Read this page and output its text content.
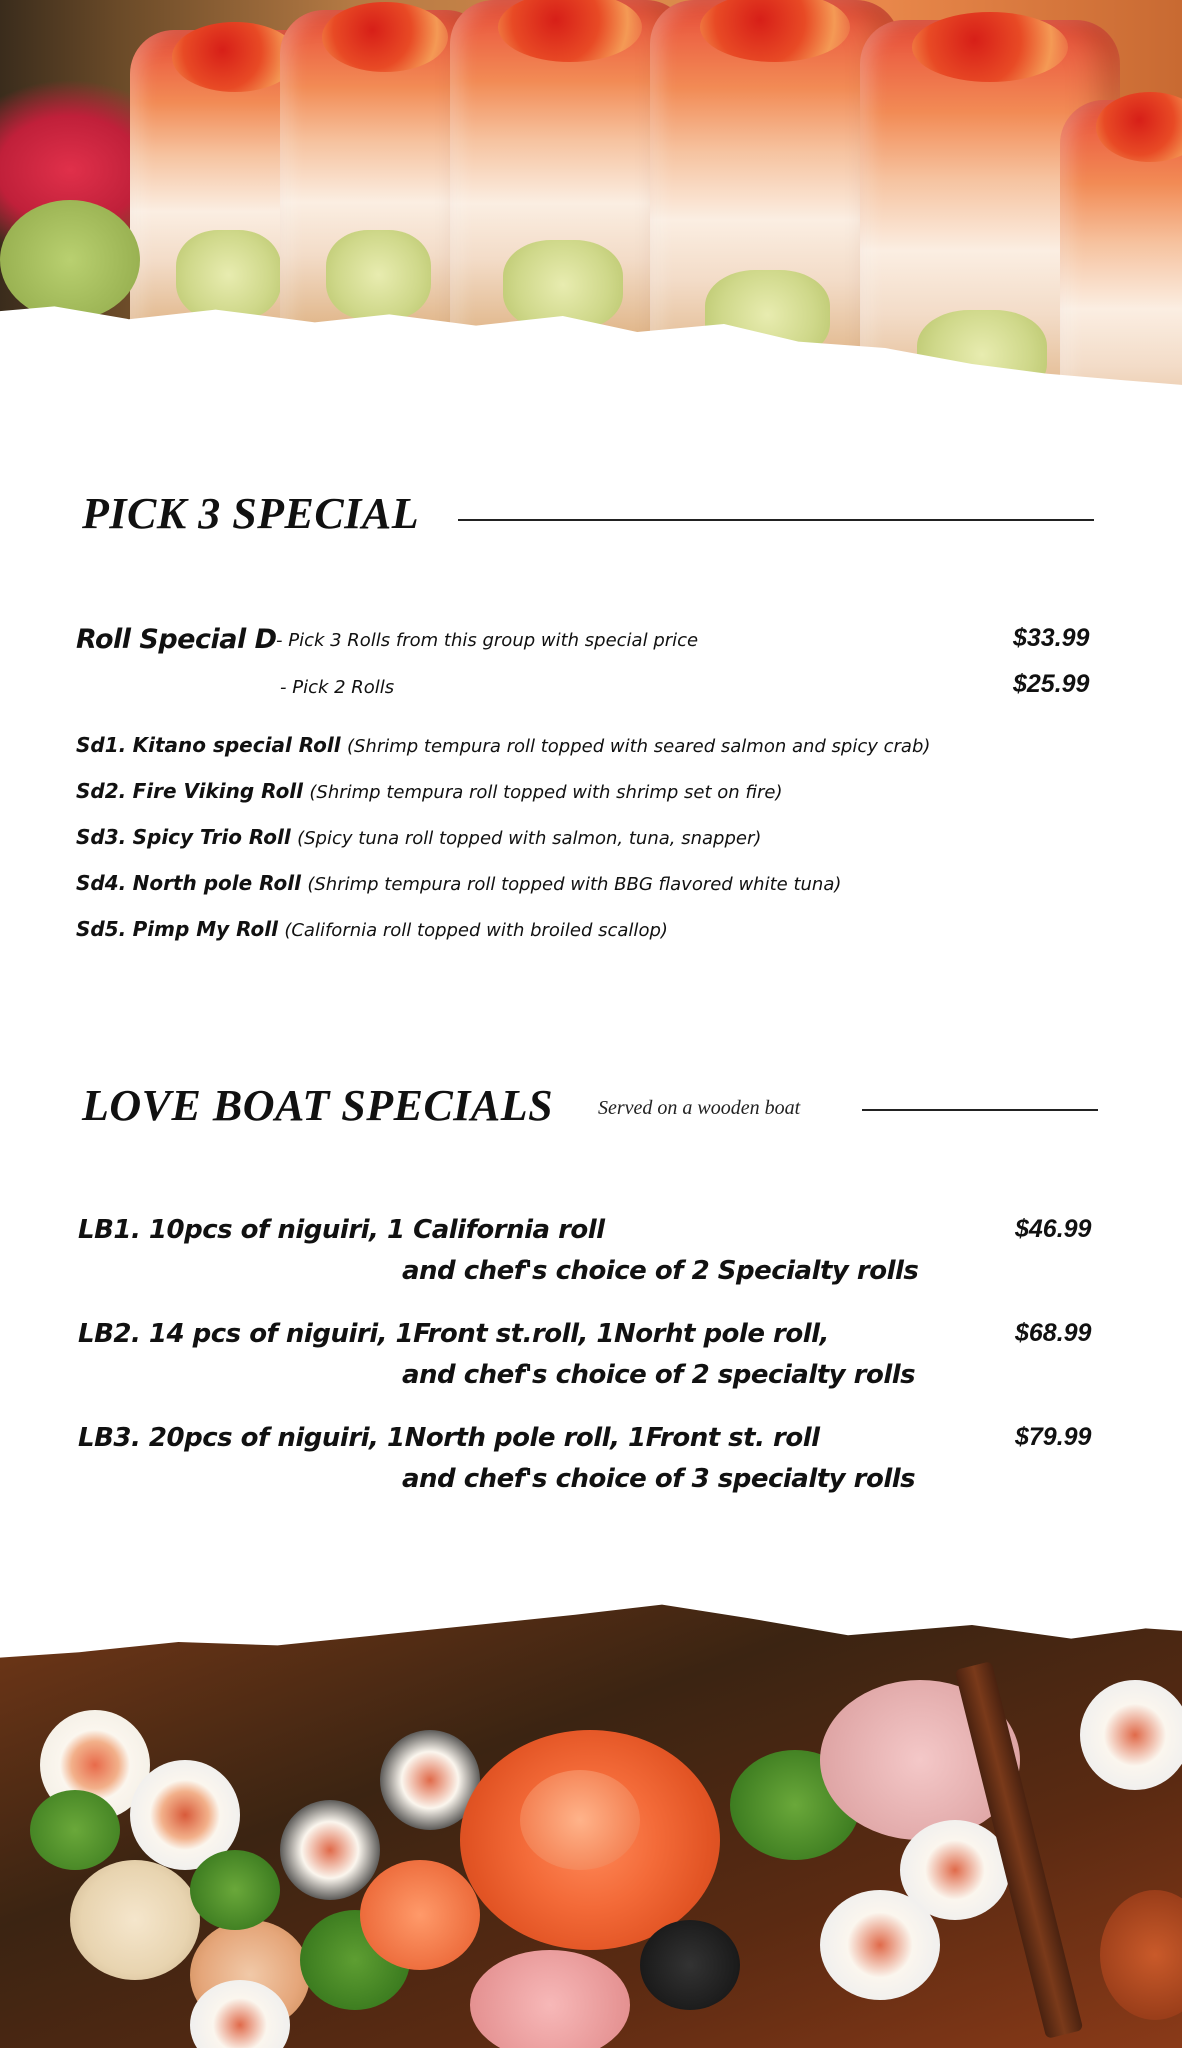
PICK 3 SPECIAL
Roll Special D - Pick 3 Rolls from this group with special price	$33.99
- Pick 2 Rolls	$25.99
Sd1. Kitano special Roll (Shrimp tempura roll topped with seared salmon and spicy crab)
Sd2. Fire Viking Roll (Shrimp tempura roll topped with shrimp set on fire)
Sd3. Spicy Trio Roll (Spicy tuna roll topped with salmon, tuna, snapper)
Sd4. North pole Roll (Shrimp tempura roll topped with BBG flavored white tuna)
Sd5. Pimp My Roll (California roll topped with broiled scallop)
LOVE BOAT SPECIALS Served on a wooden boat
LB1. 10pcs of niguiri, 1 California roll
and chef's choice of 2 Specialty rolls
$46.99
LB2. 14 pcs of niguiri, 1Front st.roll, 1Norht pole roll,
and chef's choice of 2 specialty rolls
$68.99
LB3. 20pcs of niguiri, 1North pole roll, 1Front st. roll
and chef's choice of 3 specialty rolls
$79.99
